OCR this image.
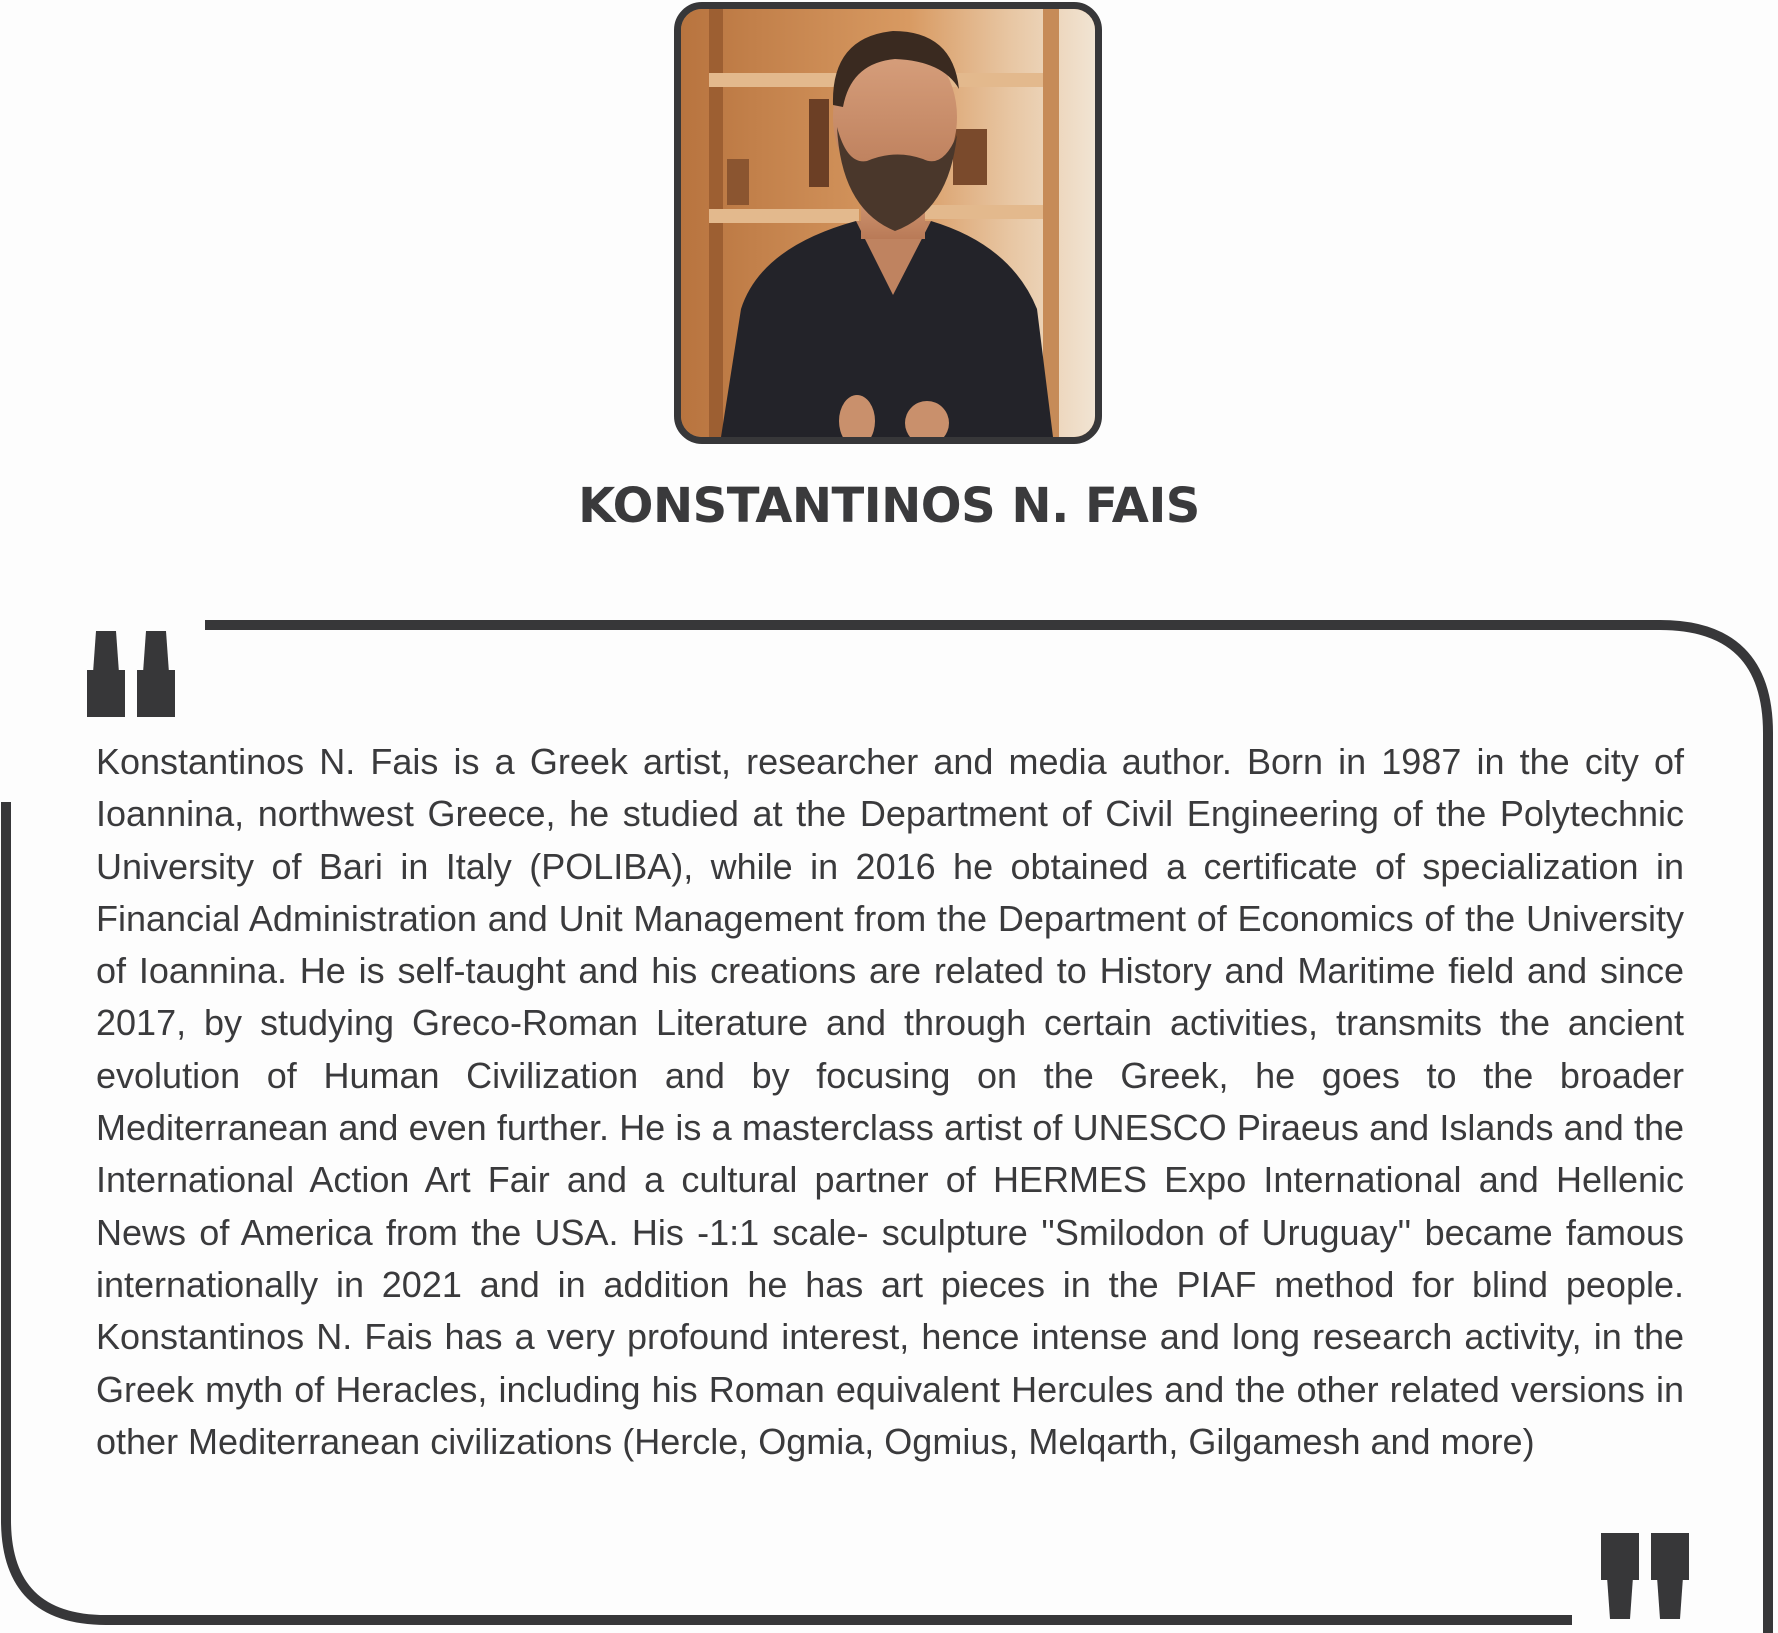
KONSTANTINOS N. FAIS

Konstantinos N. Fais is a Greek artist, researcher and media author. Born in 1987 in the city of Ioannina, northwest Greece, he studied at the Department of Civil Engineering of the Polytechnic University of Bari in Italy (POLIBA), while in 2016 he obtained a certificate of specialization in Financial Administration and Unit Management from the Department of Economics of the University of Ioannina. He is self-taught and his creations are related to History and Maritime field and since 2017, by studying Greco-Roman Literature and through certain activities, transmits the ancient evolution of Human Civilization and by focusing on the Greek, he goes to the broader Mediterranean and even further. He is a masterclass artist of UNESCO Piraeus and Islands and the International Action Art Fair and a cultural partner of HERMES Expo International and Hellenic News of America from the USA. His -1:1 scale- sculpture ''Smilodon of Uruguay'' became famous internationally in 2021 and in addition he has art pieces in the PIAF method for blind people. Konstantinos N. Fais has a very profound interest, hence intense and long research activity, in the Greek myth of Heracles, including his Roman equivalent Hercules and the other related versions in other Mediterranean civilizations (Hercle, Ogmia, Ogmius, Melqarth, Gilgamesh and more)
